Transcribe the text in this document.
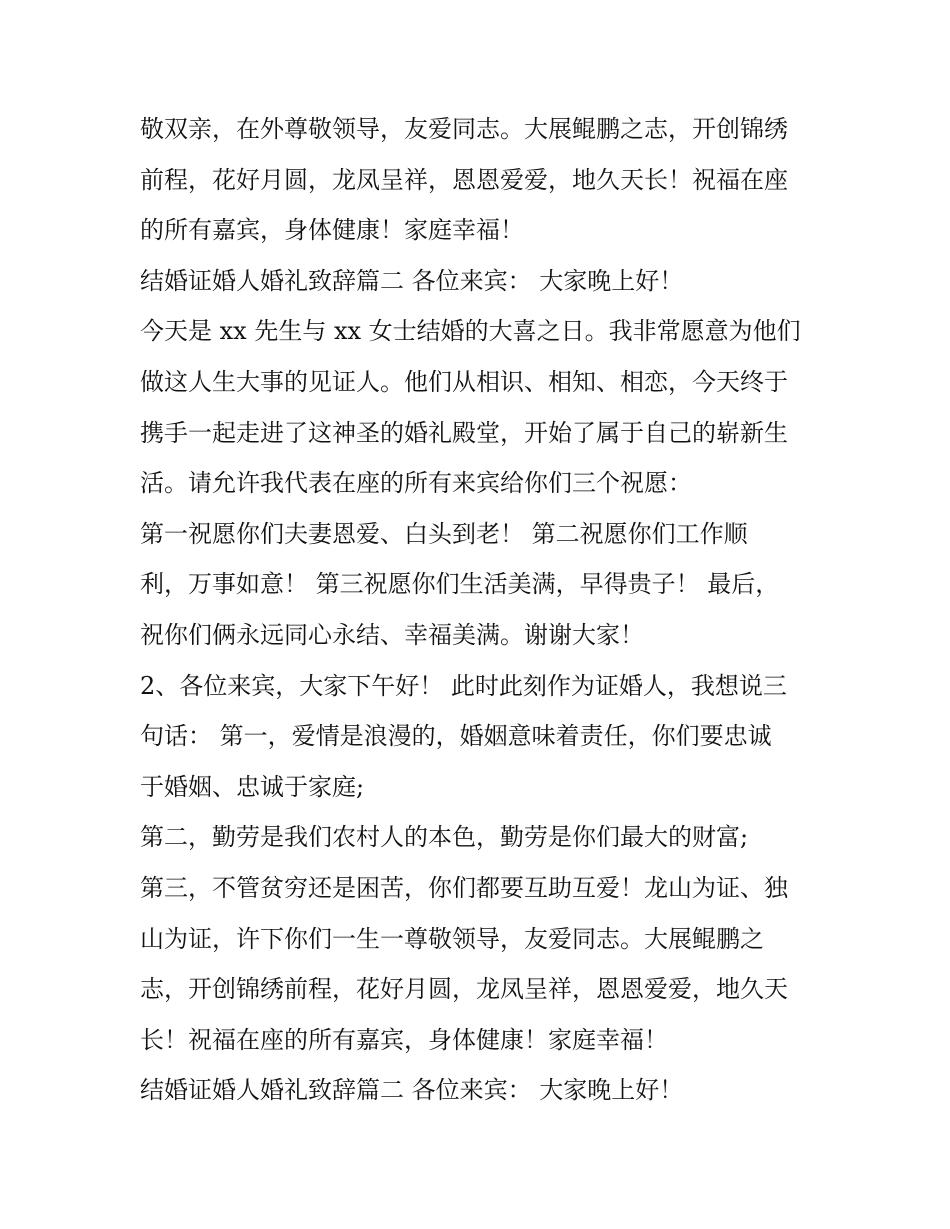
敬双亲，在外尊敬领导，友爱同志。大展鲲鹏之志，开创锦绣
前程，花好月圆，龙凤呈祥，恩恩爱爱，地久天长！祝福在座
的所有嘉宾，身体健康！家庭幸福！
结婚证婚人婚礼致辞篇二 各位来宾： 大家晚上好！
今天是 xx 先生与 xx 女士结婚的大喜之日。我非常愿意为他们
做这人生大事的见证人。他们从相识、相知、相恋，今天终于
携手一起走进了这神圣的婚礼殿堂，开始了属于自己的崭新生
活。请允许我代表在座的所有来宾给你们三个祝愿：
第一祝愿你们夫妻恩爱、白头到老！ 第二祝愿你们工作顺
利，万事如意！ 第三祝愿你们生活美满，早得贵子！ 最后，
祝你们俩永远同心永结、幸福美满。谢谢大家！
2、各位来宾，大家下午好！ 此时此刻作为证婚人，我想说三
句话： 第一，爱情是浪漫的，婚姻意味着责任，你们要忠诚
于婚姻、忠诚于家庭;
第二，勤劳是我们农村人的本色，勤劳是你们最大的财富;
第三，不管贫穷还是困苦，你们都要互助互爱！龙山为证、独
山为证，许下你们一生一尊敬领导，友爱同志。大展鲲鹏之
志，开创锦绣前程，花好月圆，龙凤呈祥，恩恩爱爱，地久天
长！祝福在座的所有嘉宾，身体健康！家庭幸福！
结婚证婚人婚礼致辞篇二 各位来宾： 大家晚上好！
